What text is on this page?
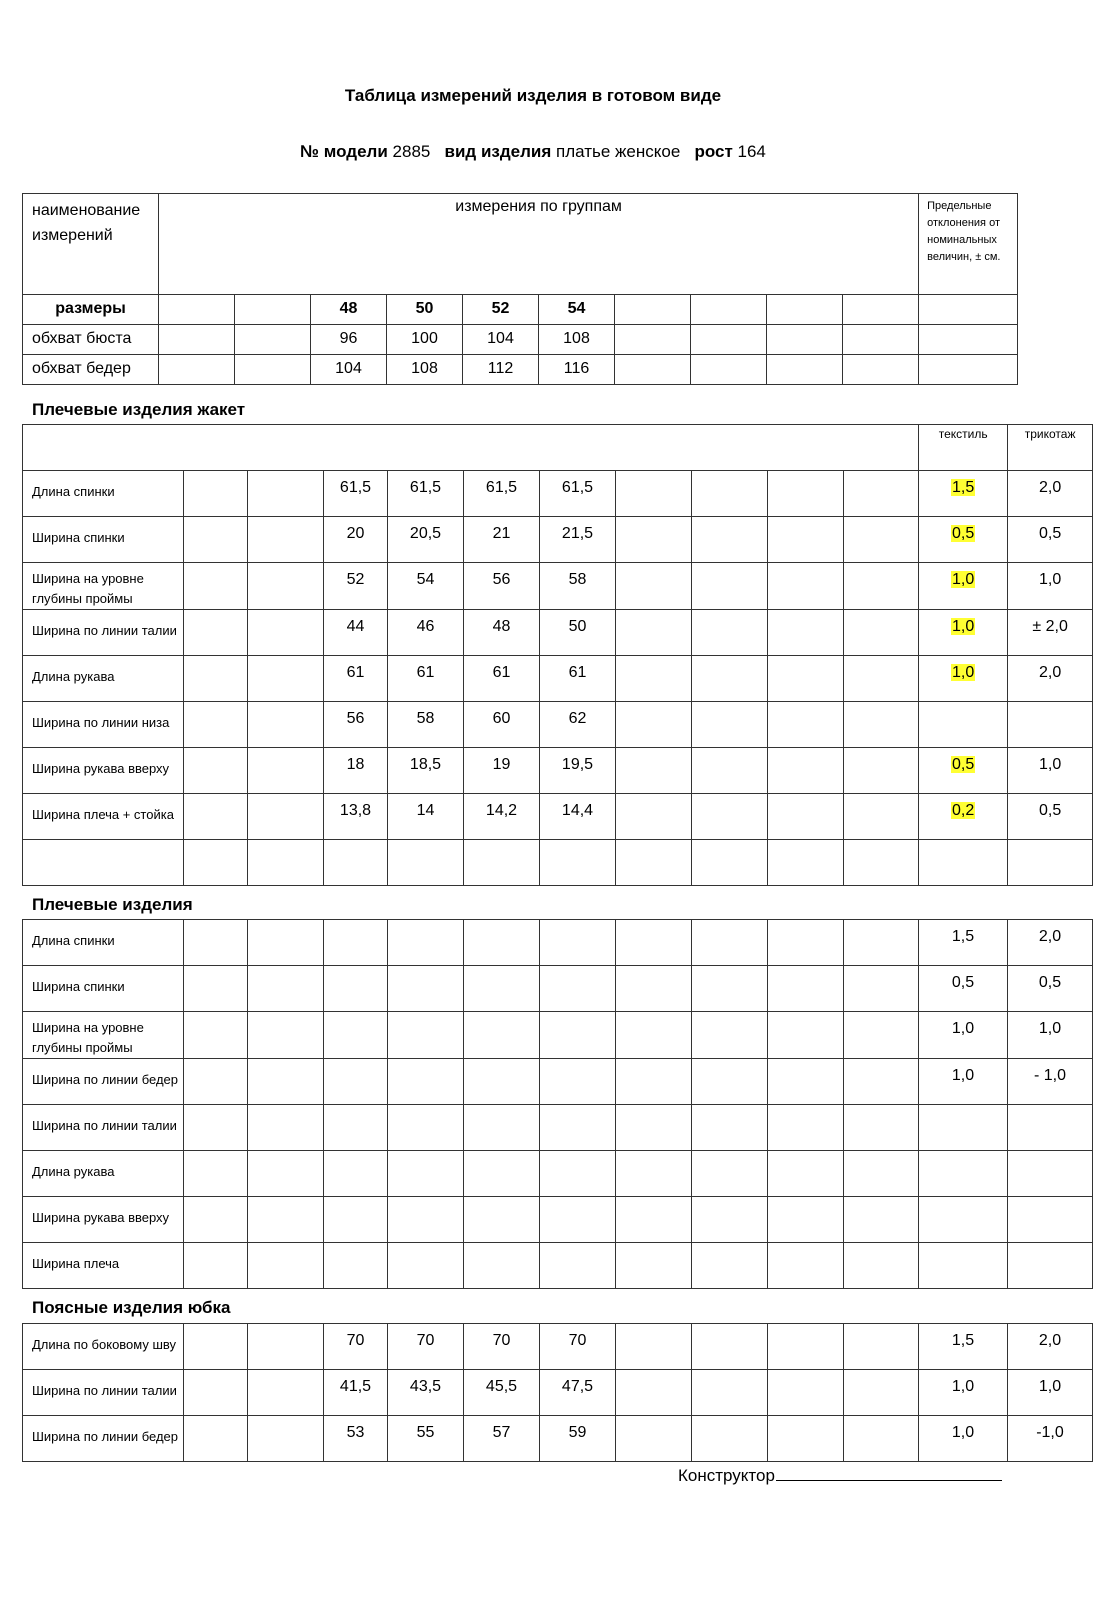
Таблица измерений изделия в готовом виде
№ модели 2885 вид изделия платье женское рост 164
наименование измерений	измерения по группам										Предельные отклонения от номинальных величин, ± см.
размеры			48	50	52	54					
обхват бюста			96	100	104	108					
обхват бедер			104	108	112	116					
Плечевые изделия жакет
											текстиль	трикотаж
Длина спинки			61,5	61,5	61,5	61,5					1,5	2,0
Ширина спинки			20	20,5	21	21,5					0,5	0,5
Ширина на уровне глубины проймы			52	54	56	58					1,0	1,0
Ширина по линии талии			44	46	48	50					1,0	± 2,0
Длина рукава			61	61	61	61					1,0	2,0
Ширина по линии низа			56	58	60	62						
Ширина рукава вверху			18	18,5	19	19,5					0,5	1,0
Ширина плеча + стойка			13,8	14	14,2	14,4					0,2	0,5

Плечевые изделия
Длина спинки											1,5	2,0
Ширина спинки											0,5	0,5
Ширина на уровне глубины проймы											1,0	1,0
Ширина по линии бедер											1,0	- 1,0
Ширина по линии талии												
Длина рукава												
Ширина рукава вверху												
Ширина плеча												
Поясные изделия юбка
Длина по боковому шву			70	70	70	70					1,5	2,0
Ширина по линии талии			41,5	43,5	45,5	47,5					1,0	1,0
Ширина по линии бедер			53	55	57	59					1,0	-1,0
Конструктор
